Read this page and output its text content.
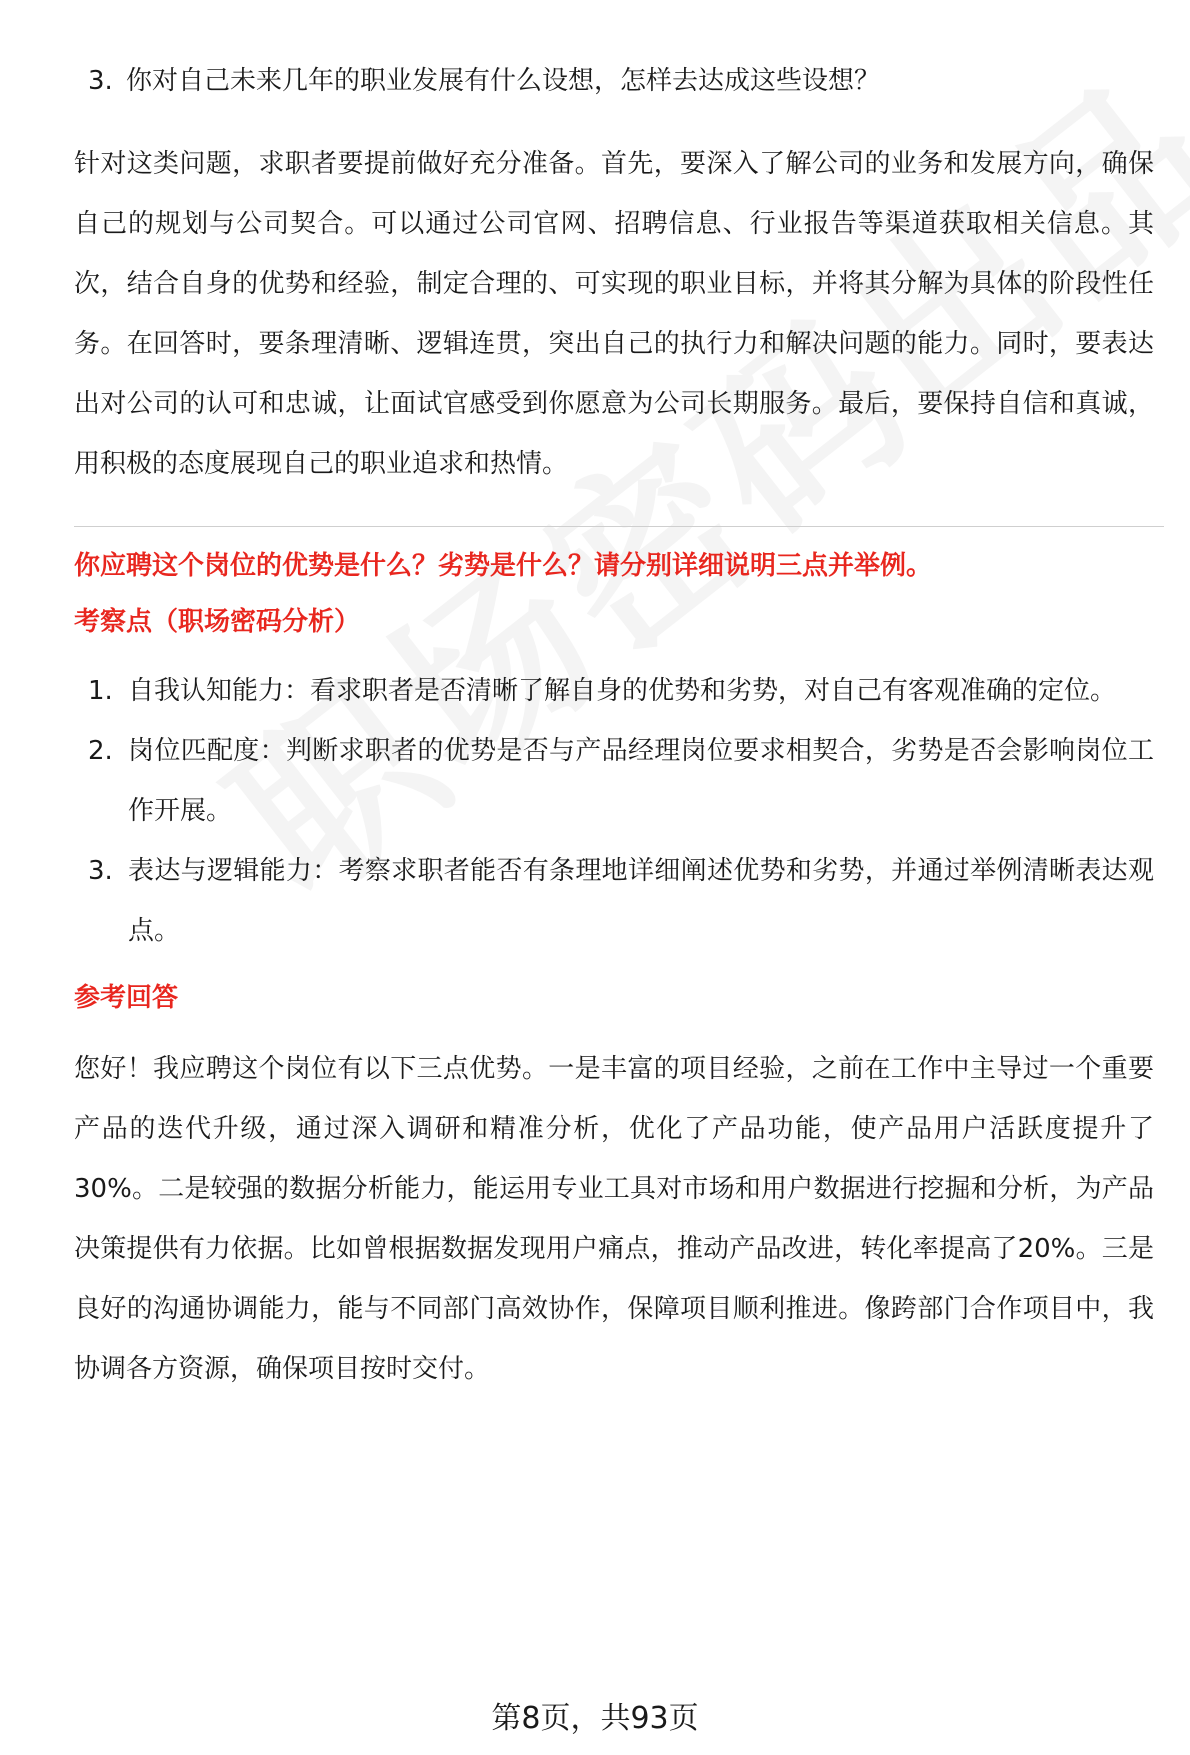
3. 你对自己未来几年的职业发展有什么设想，怎样去达成这些设想？

针对这类问题，求职者要提前做好充分准备。首先，要深入了解公司的业务和发展方向，确保自己的规划与公司契合。可以通过公司官网、招聘信息、行业报告等渠道获取相关信息。其次，结合自身的优势和经验，制定合理的、可实现的职业目标，并将其分解为具体的阶段性任务。在回答时，要条理清晰、逻辑连贯，突出自己的执行力和解决问题的能力。同时，要表达出对公司的认可和忠诚，让面试官感受到你愿意为公司长期服务。最后，要保持自信和真诚，用积极的态度展现自己的职业追求和热情。

你应聘这个岗位的优势是什么？劣势是什么？请分别详细说明三点并举例。
考察点（职场密码分析）
1. 自我认知能力：看求职者是否清晰了解自身的优势和劣势，对自己有客观准确的定位。
2. 岗位匹配度：判断求职者的优势是否与产品经理岗位要求相契合，劣势是否会影响岗位工作开展。
3. 表达与逻辑能力：考察求职者能否有条理地详细阐述优势和劣势，并通过举例清晰表达观点。
参考回答

您好！我应聘这个岗位有以下三点优势。一是丰富的项目经验，之前在工作中主导过一个重要产品的迭代升级，通过深入调研和精准分析，优化了产品功能，使产品用户活跃度提升了30%。二是较强的数据分析能力，能运用专业工具对市场和用户数据进行挖掘和分析，为产品决策提供有力依据。比如曾根据数据发现用户痛点，推动产品改进，转化率提高了20%。三是良好的沟通协调能力，能与不同部门高效协作，保障项目顺利推进。像跨部门合作项目中，我协调各方资源，确保项目按时交付。

第8页，共93页
